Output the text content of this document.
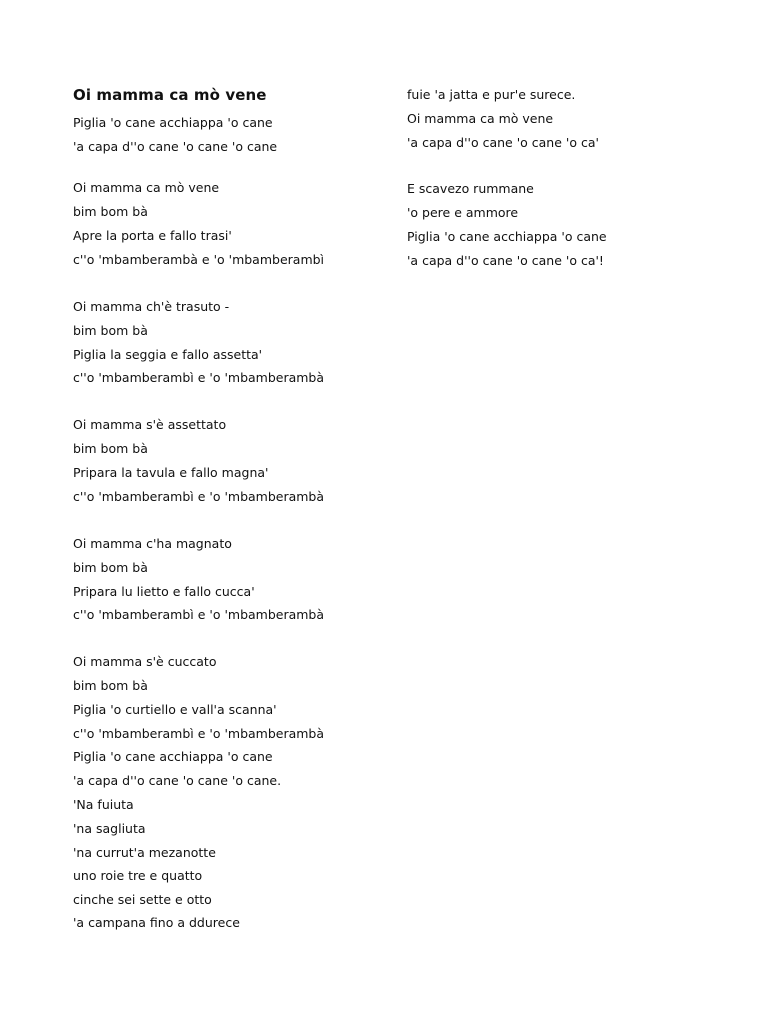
Oi mamma ca mò vene
Piglia 'o cane acchiappa 'o cane
'a capa d''o cane 'o cane 'o cane
Oi mamma ca mò vene
bim bom bà
Apre la porta e fallo trasi'
c''o 'mbamberambà e 'o 'mbamberambì
Oi mamma ch'è trasuto -
bim bom bà
Piglia la seggia e fallo assetta'
c''o 'mbamberambì e 'o 'mbamberambà
Oi mamma s'è assettato
bim bom bà
Pripara la tavula e fallo magna'
c''o 'mbamberambì e 'o 'mbamberambà
Oi mamma c'ha magnato
bim bom bà
Pripara lu lietto e fallo cucca'
c''o 'mbamberambì e 'o 'mbamberambà
Oi mamma s'è cuccato
bim bom bà
Piglia 'o curtiello e vall'a scanna'
c''o 'mbamberambì e 'o 'mbamberambà
Piglia 'o cane acchiappa 'o cane
'a capa d''o cane 'o cane 'o cane.
'Na fuiuta
'na sagliuta
'na currut'a mezanotte
uno roie tre e quatto
cinche sei sette e otto
'a campana fino a ddurece
fuie 'a jatta e pur'e surece.
Oi mamma ca mò vene
'a capa d''o cane 'o cane 'o ca'
E scavezo rummane
'o pere e ammore
Piglia 'o cane acchiappa 'o cane
'a capa d''o cane 'o cane 'o ca'!
